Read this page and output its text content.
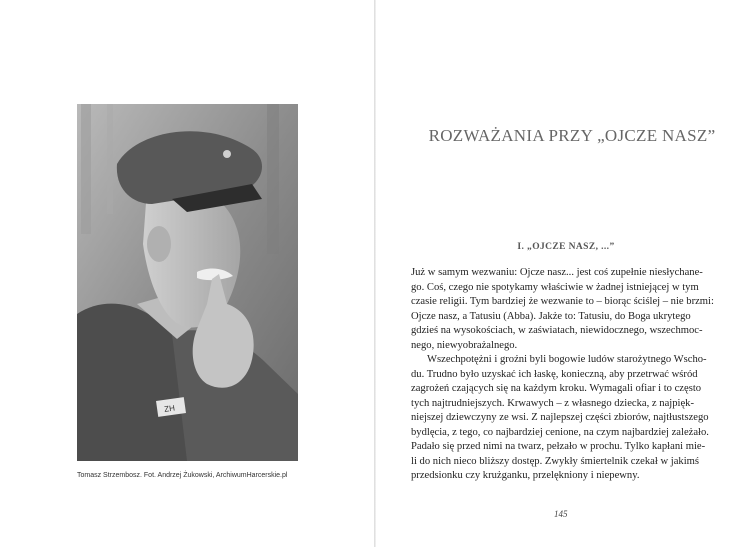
ZH
Tomasz Strzembosz. Fot. Andrzej Żukowski, ArchiwumHarcerskie.pl
ROZWAŻANIA PRZY „OJCZE NASZ”
I. „OJCZE NASZ, ...”
Już w samym wezwaniu: Ojcze nasz... jest coś zupełnie niesłychane-
go. Coś, czego nie spotykamy właściwie w żadnej istniejącej w tym
czasie religii. Tym bardziej że wezwanie to – biorąc ściślej – nie brzmi:
Ojcze nasz, a Tatusiu (Abba). Jakże to: Tatusiu, do Boga ukrytego
gdzieś na wysokościach, w zaświatach, niewidocznego, wszechmoc-
nego, niewyobrażalnego.
Wszechpotężni i groźni byli bogowie ludów starożytnego Wscho-
du. Trudno było uzyskać ich łaskę, konieczną, aby przetrwać wśród
zagrożeń czających się na każdym kroku. Wymagali ofiar i to często
tych najtrudniejszych. Krwawych – z własnego dziecka, z najpięk-
niejszej dziewczyny ze wsi. Z najlepszej części zbiorów, najtłustszego
bydlęcia, z tego, co najbardziej cenione, na czym najbardziej zależało.
Padało się przed nimi na twarz, pełzało w prochu. Tylko kapłani mie-
li do nich nieco bliższy dostęp. Zwykły śmiertelnik czekał w jakimś
przedsionku czy krużganku, przelękniony i niepewny.
145
